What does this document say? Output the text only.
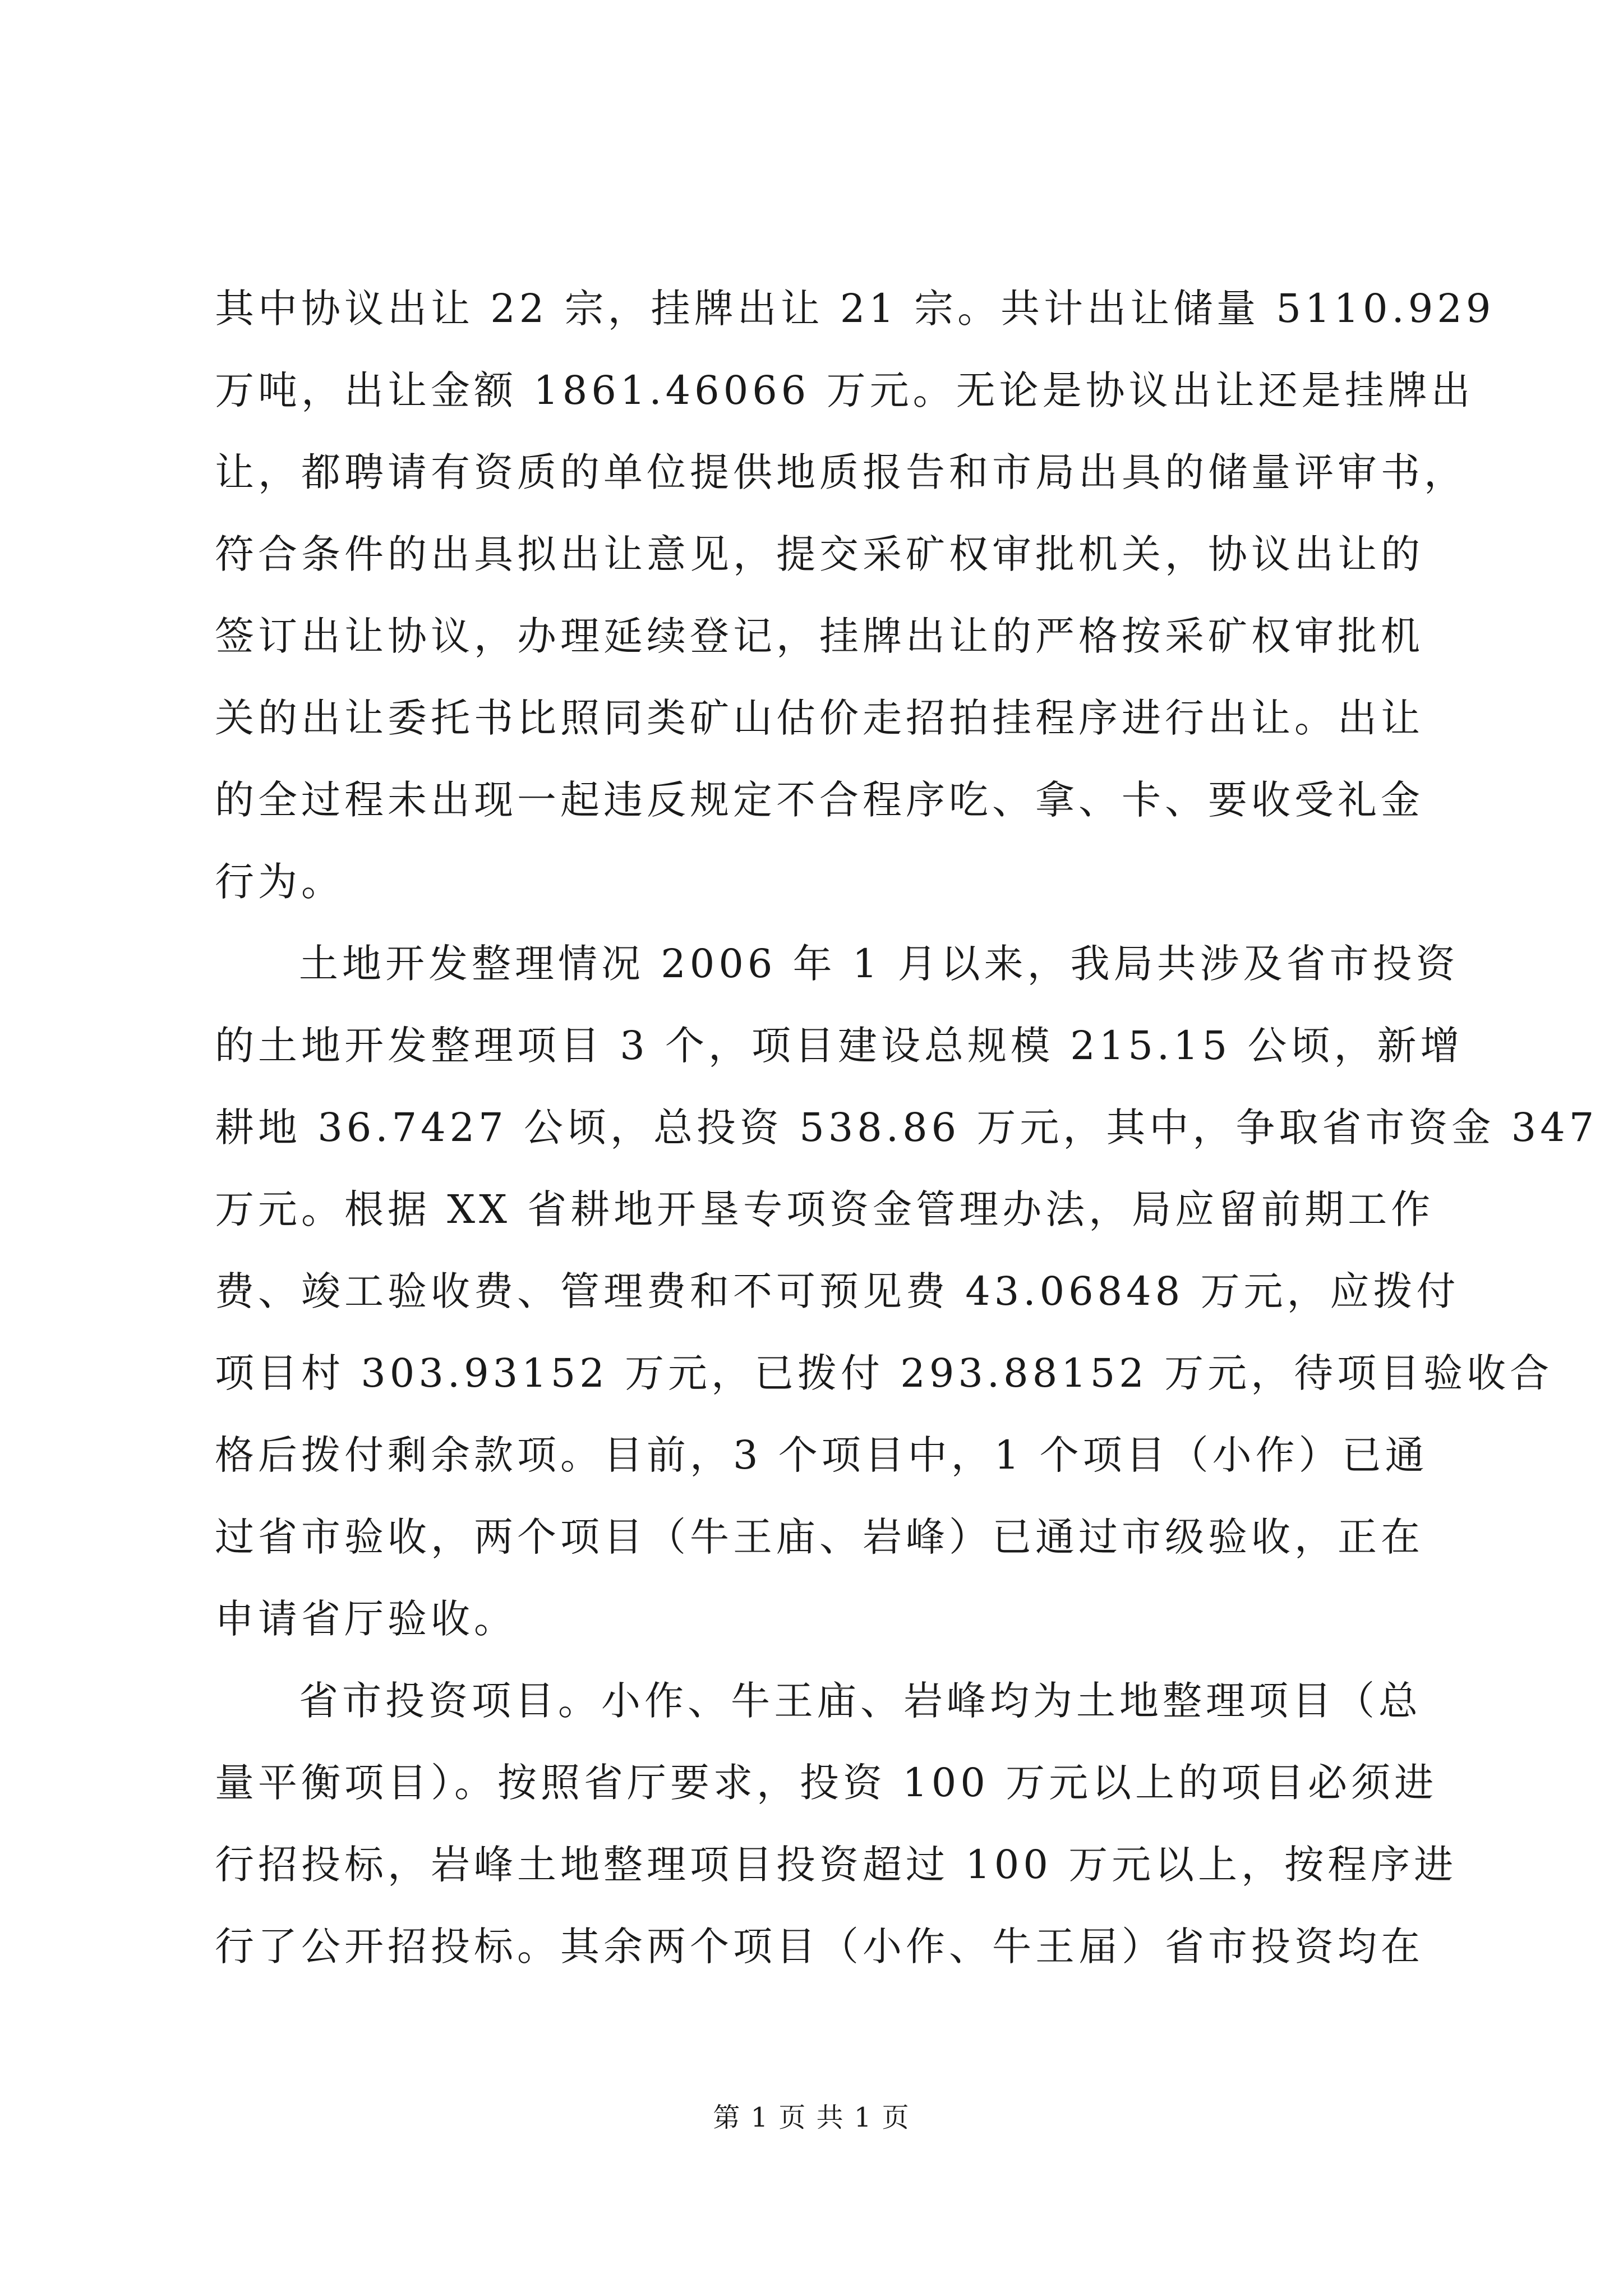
其中协议出让 22 宗，挂牌出让 21 宗。共计出让储量 5110.929
万吨，出让金额 1861.46066 万元。无论是协议出让还是挂牌出
让，都聘请有资质的单位提供地质报告和市局出具的储量评审书，
符合条件的出具拟出让意见，提交采矿权审批机关，协议出让的
签订出让协议，办理延续登记，挂牌出让的严格按采矿权审批机
关的出让委托书比照同类矿山估价走招拍挂程序进行出让。出让
的全过程未出现一起违反规定不合程序吃、拿、卡、要收受礼金
行为。
土地开发整理情况 2006 年 1 月以来，我局共涉及省市投资
的土地开发整理项目 3 个，项目建设总规模 215.15 公顷，新增
耕地 36.7427 公顷，总投资 538.86 万元，其中，争取省市资金 347
万元。根据 XX 省耕地开垦专项资金管理办法，局应留前期工作
费、竣工验收费、管理费和不可预见费 43.06848 万元，应拨付
项目村 303.93152 万元，已拨付 293.88152 万元，待项目验收合
格后拨付剩余款项。目前，3 个项目中，1 个项目（小作）已通
过省市验收，两个项目（牛王庙、岩峰）已通过市级验收，正在
申请省厅验收。
省市投资项目。小作、牛王庙、岩峰均为土地整理项目（总
量平衡项目）。按照省厅要求，投资 100 万元以上的项目必须进
行招投标，岩峰土地整理项目投资超过 100 万元以上，按程序进
行了公开招投标。其余两个项目（小作、牛王届）省市投资均在
第 1 页 共 1 页
